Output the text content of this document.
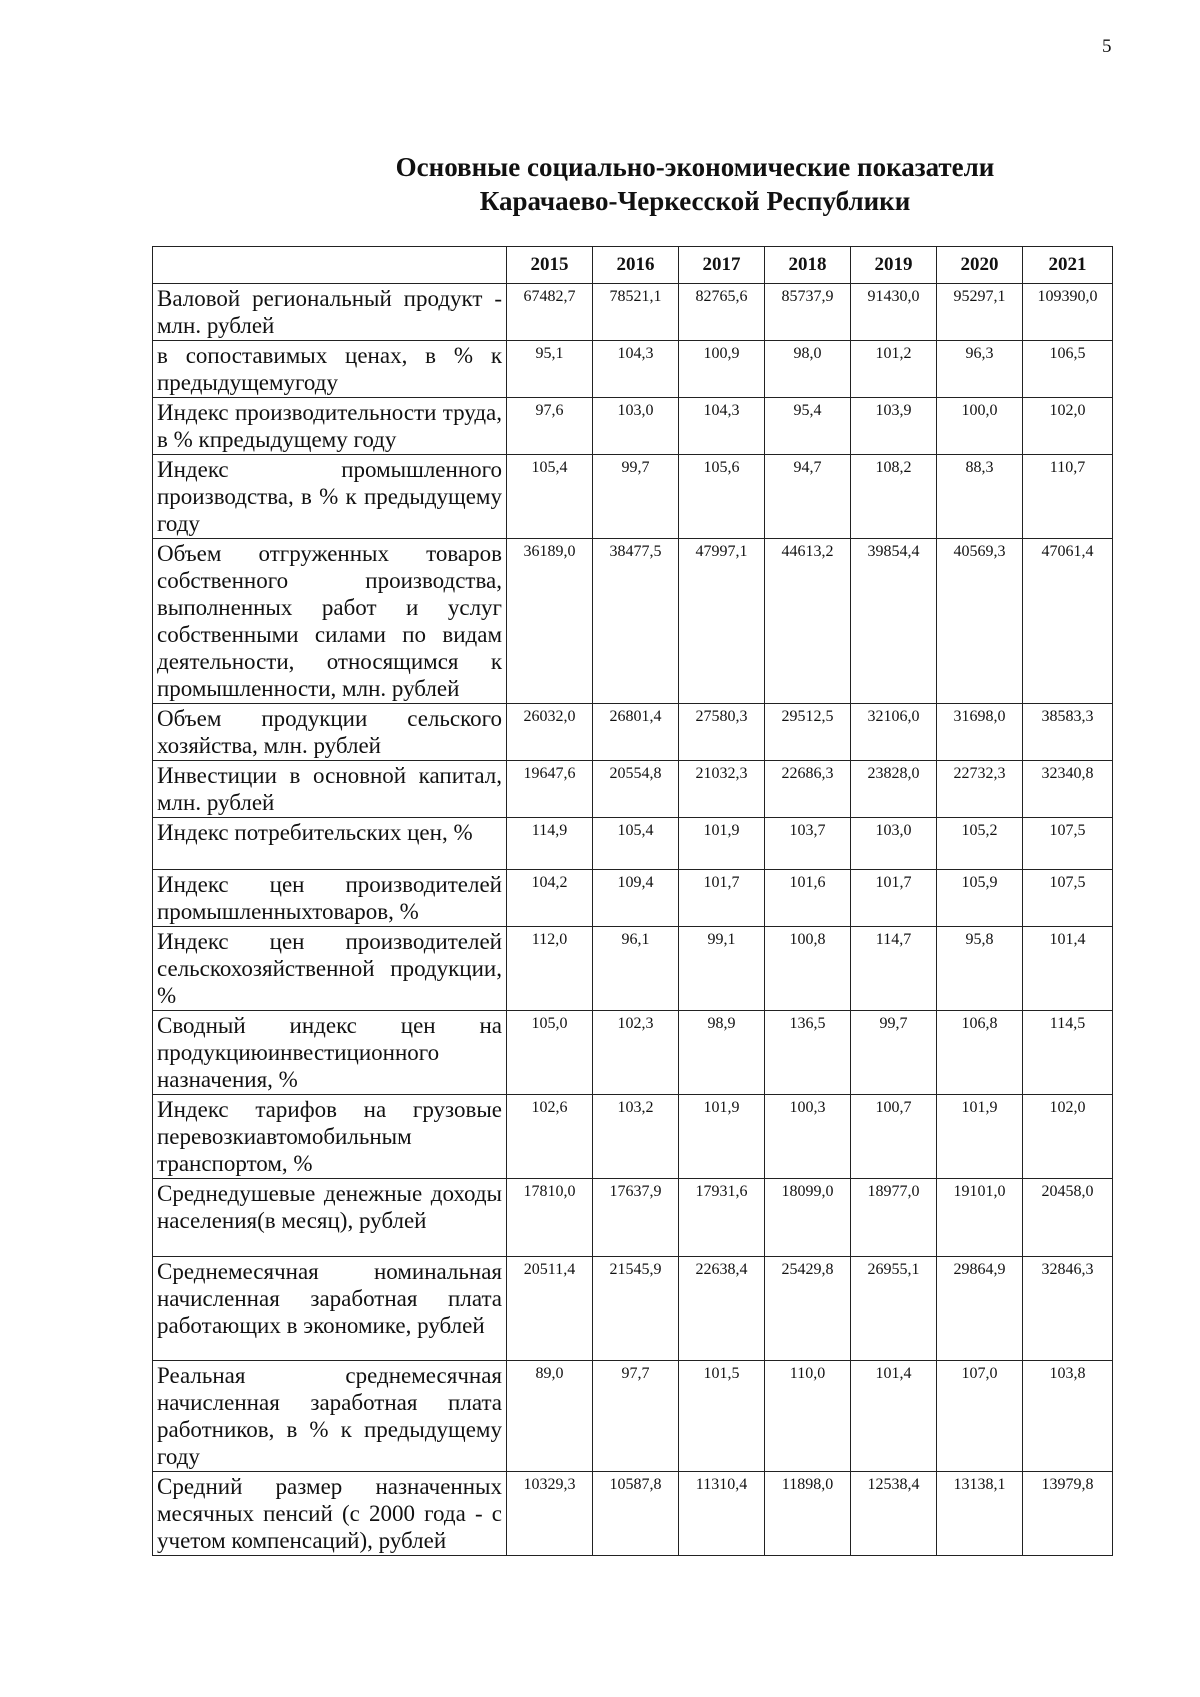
5
Основные социально-экономические показатели
Карачаево-Черкесской Республики
	2015	2016	2017	2018	2019	2020	2021
Валовой региональный продукт - млн. рублей	67482,7	78521,1	82765,6	85737,9	91430,0	95297,1	109390,0
в сопоставимых ценах, в % к предыдущемугоду	95,1	104,3	100,9	98,0	101,2	96,3	106,5
Индекс производительности труда, в % кпредыдущему году	97,6	103,0	104,3	95,4	103,9	100,0	102,0
Индекс промышленного производства, в % к предыдущему году	105,4	99,7	105,6	94,7	108,2	88,3	110,7
Объем отгруженных товаров собственного производства, выполненных работ и услуг собственными силами по видам деятельности, относящимся к промышленности, млн. рублей	36189,0	38477,5	47997,1	44613,2	39854,4	40569,3	47061,4
Объем продукции сельского хозяйства, млн. рублей	26032,0	26801,4	27580,3	29512,5	32106,0	31698,0	38583,3
Инвестиции в основной капитал, млн. рублей	19647,6	20554,8	21032,3	22686,3	23828,0	22732,3	32340,8
Индекс потребительских цен, %	114,9	105,4	101,9	103,7	103,0	105,2	107,5
Индекс цен производителей промышленныхтоваров, %	104,2	109,4	101,7	101,6	101,7	105,9	107,5
Индекс цен производителей сельскохозяйственной продукции, %	112,0	96,1	99,1	100,8	114,7	95,8	101,4
Сводный индекс цен на продукциюинвестиционного назначения, %	105,0	102,3	98,9	136,5	99,7	106,8	114,5
Индекс тарифов на грузовые перевозкиавтомобильным транспортом, %	102,6	103,2	101,9	100,3	100,7	101,9	102,0
Среднедушевые денежные доходы населения(в месяц), рублей	17810,0	17637,9	17931,6	18099,0	18977,0	19101,0	20458,0
Среднемесячная номинальная начисленная заработная плата работающих в экономике, рублей	20511,4	21545,9	22638,4	25429,8	26955,1	29864,9	32846,3
Реальная среднемесячная начисленная заработная плата работников, в % к предыдущему году	89,0	97,7	101,5	110,0	101,4	107,0	103,8
Средний размер назначенных месячных пенсий (с 2000 года - с учетом компенсаций), рублей	10329,3	10587,8	11310,4	11898,0	12538,4	13138,1	13979,8
